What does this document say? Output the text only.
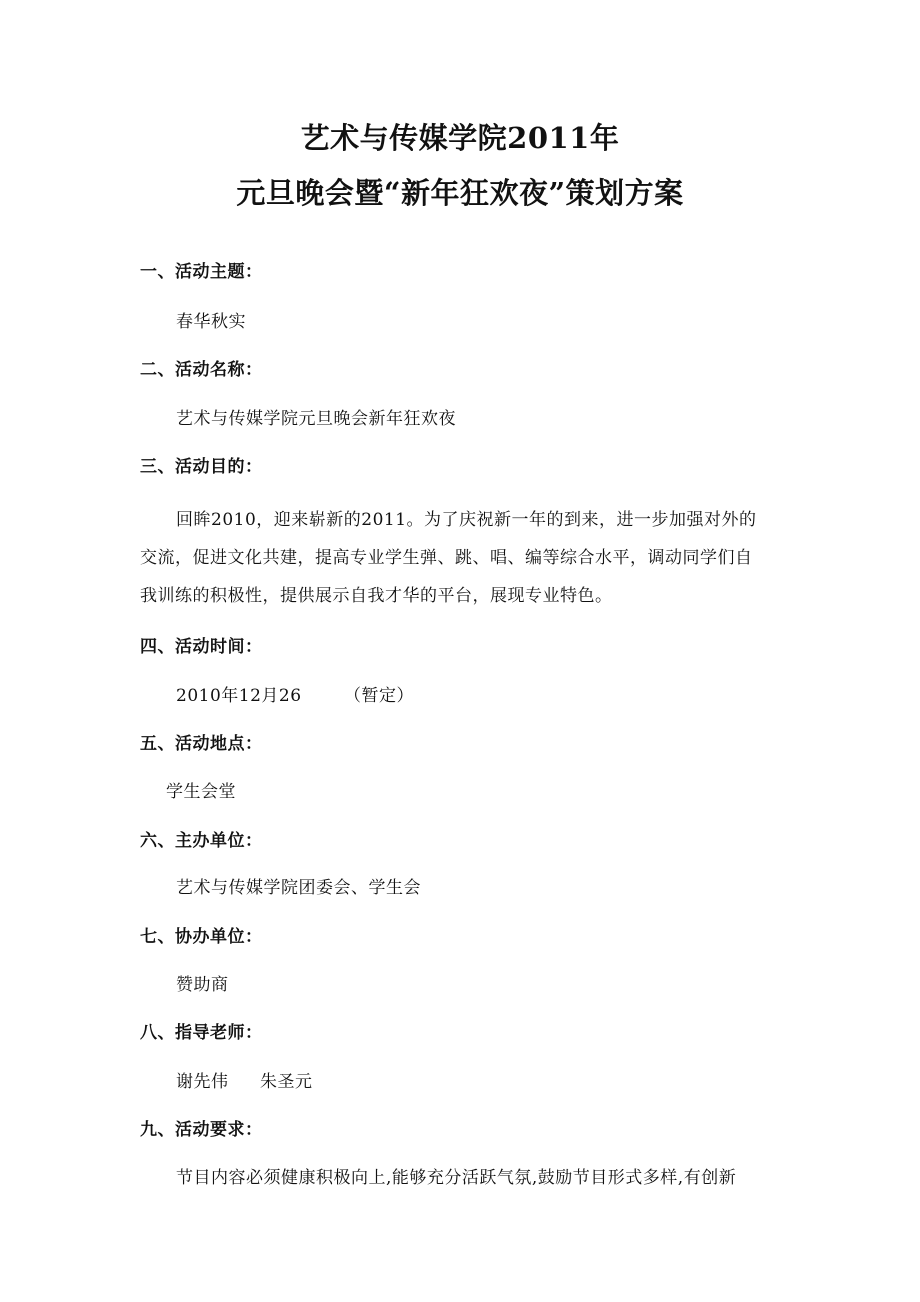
艺术与传媒学院2011年
元旦晚会暨“新年狂欢夜”策划方案
一、活动主题：
春华秋实
二、活动名称：
艺术与传媒学院元旦晚会新年狂欢夜
三、活动目的：
回眸2010，迎来崭新的2011。为了庆祝新一年的到来，进一步加强对外的
交流，促进文化共建，提高专业学生弹、跳、唱、编等综合水平，调动同学们自
我训练的积极性，提供展示自我才华的平台，展现专业特色。
四、活动时间：
2010年12月26 （暂定）
五、活动地点：
学生会堂
六、主办单位：
艺术与传媒学院团委会、学生会
七、协办单位：
赞助商
八、指导老师：
谢先伟 朱圣元
九、活动要求：
节目内容必须健康积极向上,能够充分活跃气氛,鼓励节目形式多样,有创新
